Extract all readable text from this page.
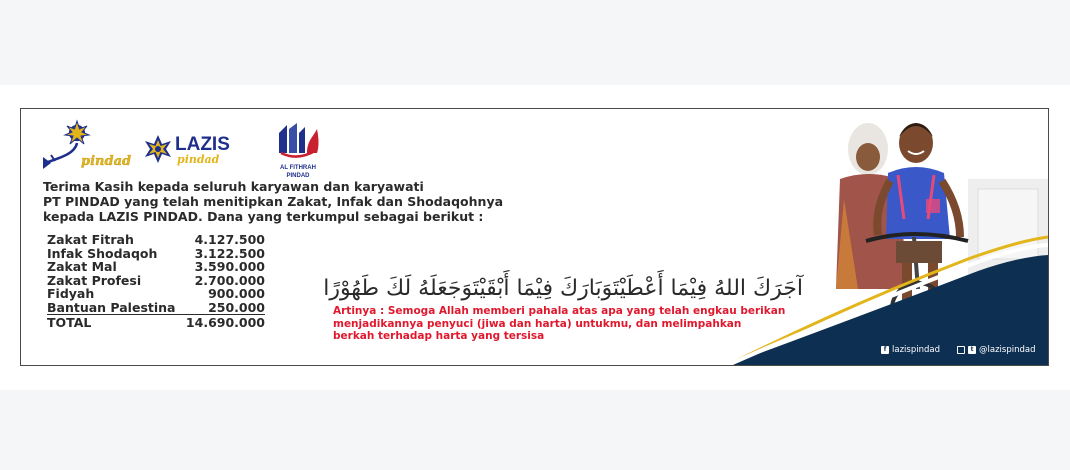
pindad
LAZIS
pindad
AL FITHRAH
PINDAD
Terima Kasih kepada seluruh karyawan dan karyawati
PT PINDAD yang telah menitipkan Zakat, Infak dan Shodaqohnya
kepada LAZIS PINDAD. Dana yang terkumpul sebagai berikut :
Zakat Fitrah	4.127.500
Infak Shodaqoh	3.122.500
Zakat Mal	3.590.000
Zakat Profesi	2.700.000
Fidyah	900.000
Bantuan Palestina	250.000
TOTAL	14.690.000
آجَرَكَ اللهُ فِيْمَا أَعْطَيْتَوَبَارَكَ فِيْمَا أَبْقَيْتَوَجَعَلَهُ لَكَ طَهُوْرًا
Artinya : Semoga Allah memberi pahala atas apa yang telah engkau berikan
menjadikannya penyuci (jiwa dan harta) untukmu, dan melimpahkan
berkah terhadap harta yang tersisa
f lazispindad	t @lazispindad
